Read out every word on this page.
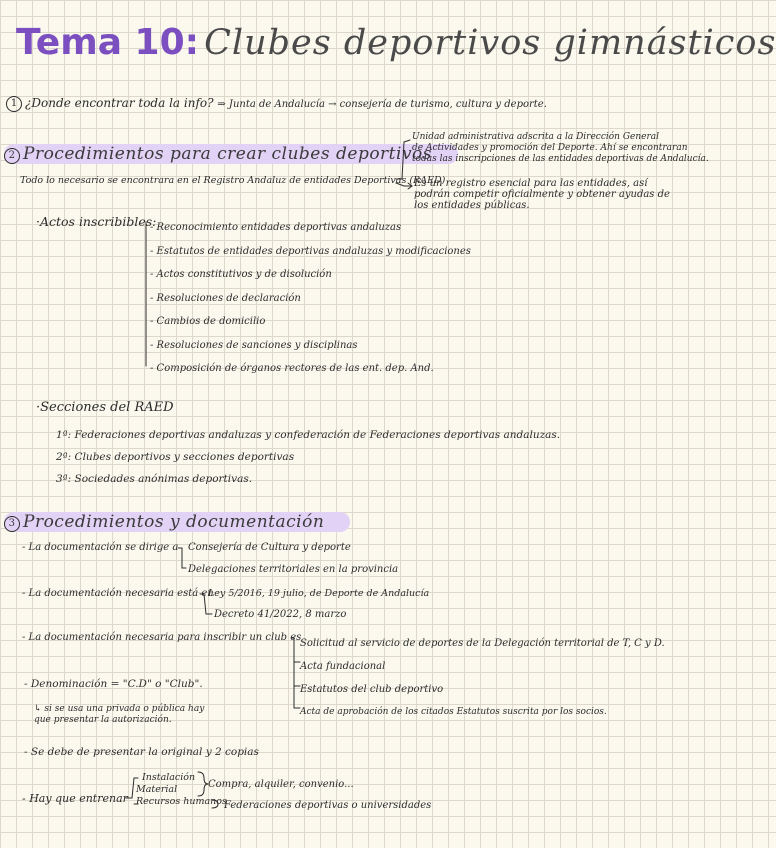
Tema 10: Clubes deportivos gimnásticos
1 ¿Donde encontrar toda la info? ⇒ Junta de Andalucía → consejería de turismo, cultura y deporte.
2 Procedimientos para crear clubes deportivos
Unidad administrativa adscrita a la Dirección General
de Actividades y promoción del Deporte. Ahí se encontraran
todas las inscripciones de las entidades deportivas de Andalucía.
Todo lo necesario se encontrara en el Registro Andaluz de entidades Deportivas (RAED)
Es un registro esencial para las entidades, así
podrán competir oficialmente y obtener ayudas de
los entidades públicas.
·Actos inscribibles:
- Reconocimiento entidades deportivas andaluzas
- Estatutos de entidades deportivas andaluzas y modificaciones
- Actos constitutivos y de disolución
- Resoluciones de declaración
- Cambios de domicilio
- Resoluciones de sanciones y disciplinas
- Composición de órganos rectores de las ent. dep. And.
·Secciones del RAED
1ª: Federaciones deportivas andaluzas y confederación de Federaciones deportivas andaluzas.
2ª: Clubes deportivos y secciones deportivas
3ª: Sociedades anónimas deportivas.
3 Procedimientos y documentación
- La documentación se dirige a Consejería de Cultura y deporte
Delegaciones territoriales en la provincia
- La documentación necesaria está en
Ley 5/2016, 19 julio, de Deporte de Andalucía
Decreto 41/2022, 8 marzo
- La documentación necesaria para inscribir un club es
Solicitud al servicio de deportes de la Delegación territorial de T, C y D.
Acta fundacional
Estatutos del club deportivo
Acta de aprobación de los citados Estatutos suscrita por los socios.
- Denominación = "C.D" o "Club".
↳ si se usa una privada o pública hay
que presentar la autorización.
- Se debe de presentar la original y 2 copias
- Hay que entrenar
Instalación
Material
Recursos humanos
Compra, alquiler, convenio...
Federaciones deportivas o universidades
